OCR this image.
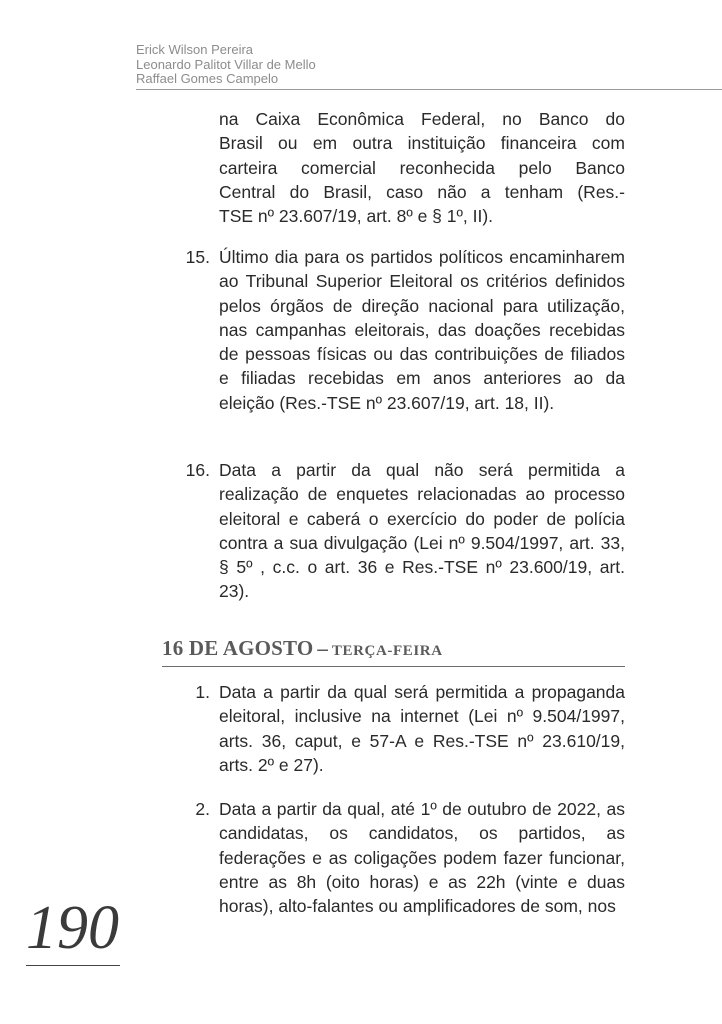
Erick Wilson Pereira
Leonardo Palitot Villar de Mello
Raffael Gomes Campelo
na Caixa Econômica Federal, no Banco do
Brasil ou em outra instituição financeira com
carteira comercial reconhecida pelo Banco
Central do Brasil, caso não a tenham (Res.-
TSE nº 23.607/19, art. 8º e § 1º, II).
15. Último dia para os partidos políticos encaminharem ao Tribunal Superior Eleitoral os critérios definidos pelos órgãos de direção nacional para utilização, nas campanhas eleitorais, das doações recebidas de pessoas físicas ou das contribuições de filiados e filiadas recebidas em anos anteriores ao da eleição (Res.-TSE nº 23.607/19, art. 18, II).
16. Data a partir da qual não será permitida a realização de enquetes relacionadas ao processo eleitoral e caberá o exercício do poder de polícia contra a sua divulgação (Lei nº 9.504/1997, art. 33, § 5º , c.c. o art. 36 e Res.-TSE nº 23.600/19, art. 23).
16 DE AGOSTO – TERÇA-FEIRA
1. Data a partir da qual será permitida a propaganda eleitoral, inclusive na internet (Lei nº 9.504/1997, arts. 36, caput, e 57-A e Res.-TSE nº 23.610/19, arts. 2º e 27).
2. Data a partir da qual, até 1º de outubro de 2022, as candidatas, os candidatos, os partidos, as federações e as coligações podem fazer funcionar, entre as 8h (oito horas) e as 22h (vinte e duas horas), alto-falantes ou amplificadores de som, nos
190
